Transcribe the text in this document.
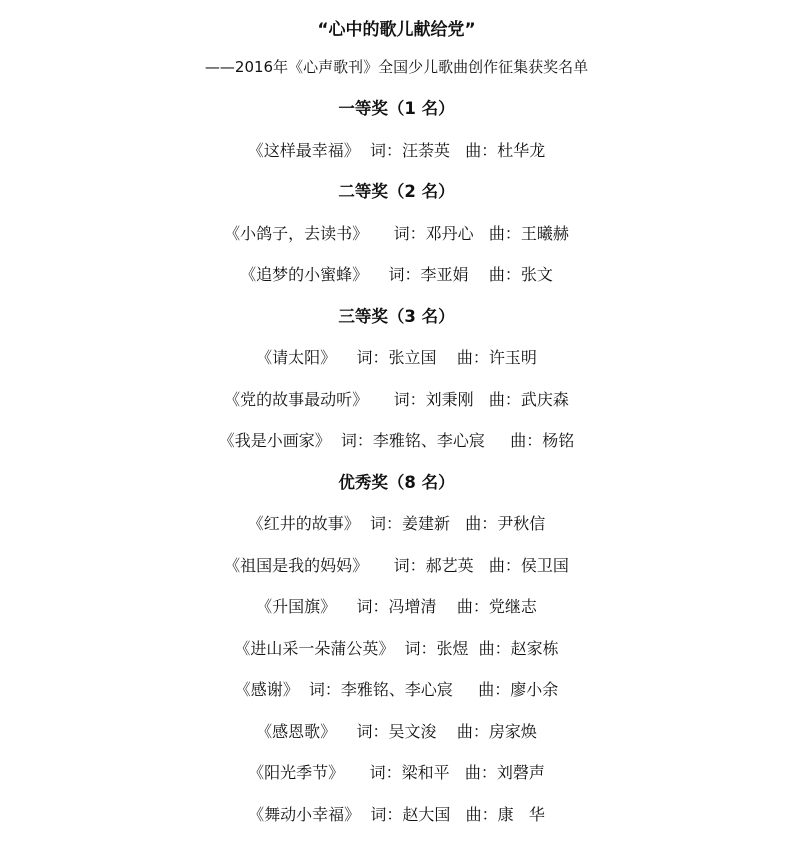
“心中的歌儿献给党”
——2016年《心声歌刊》全国少儿歌曲创作征集获奖名单
一等奖（1 名）
《这样最幸福》  词：汪荼英   曲：杜华龙
二等奖（2 名）
《小鸽子，去读书》     词：邓丹心   曲：王曦赫
《追梦的小蜜蜂》    词：李亚娟    曲：张文
三等奖（3 名）
《请太阳》    词：张立国    曲：许玉明
《党的故事最动听》     词：刘秉刚   曲：武庆森
《我是小画家》  词：李雅铭、李心宸     曲：杨铭
优秀奖（8 名）
《红井的故事》  词：姜建新   曲：尹秋信
《祖国是我的妈妈》     词：郝艺英   曲：侯卫国
《升国旗》    词：冯增清    曲：党继志
《进山采一朵蒲公英》  词：张煜  曲：赵家栋
《感谢》  词：李雅铭、李心宸     曲：廖小余
《感恩歌》    词：吴文浚    曲：房家焕
《阳光季节》     词：梁和平   曲：刘磬声
《舞动小幸福》  词：赵大国   曲：康   华
